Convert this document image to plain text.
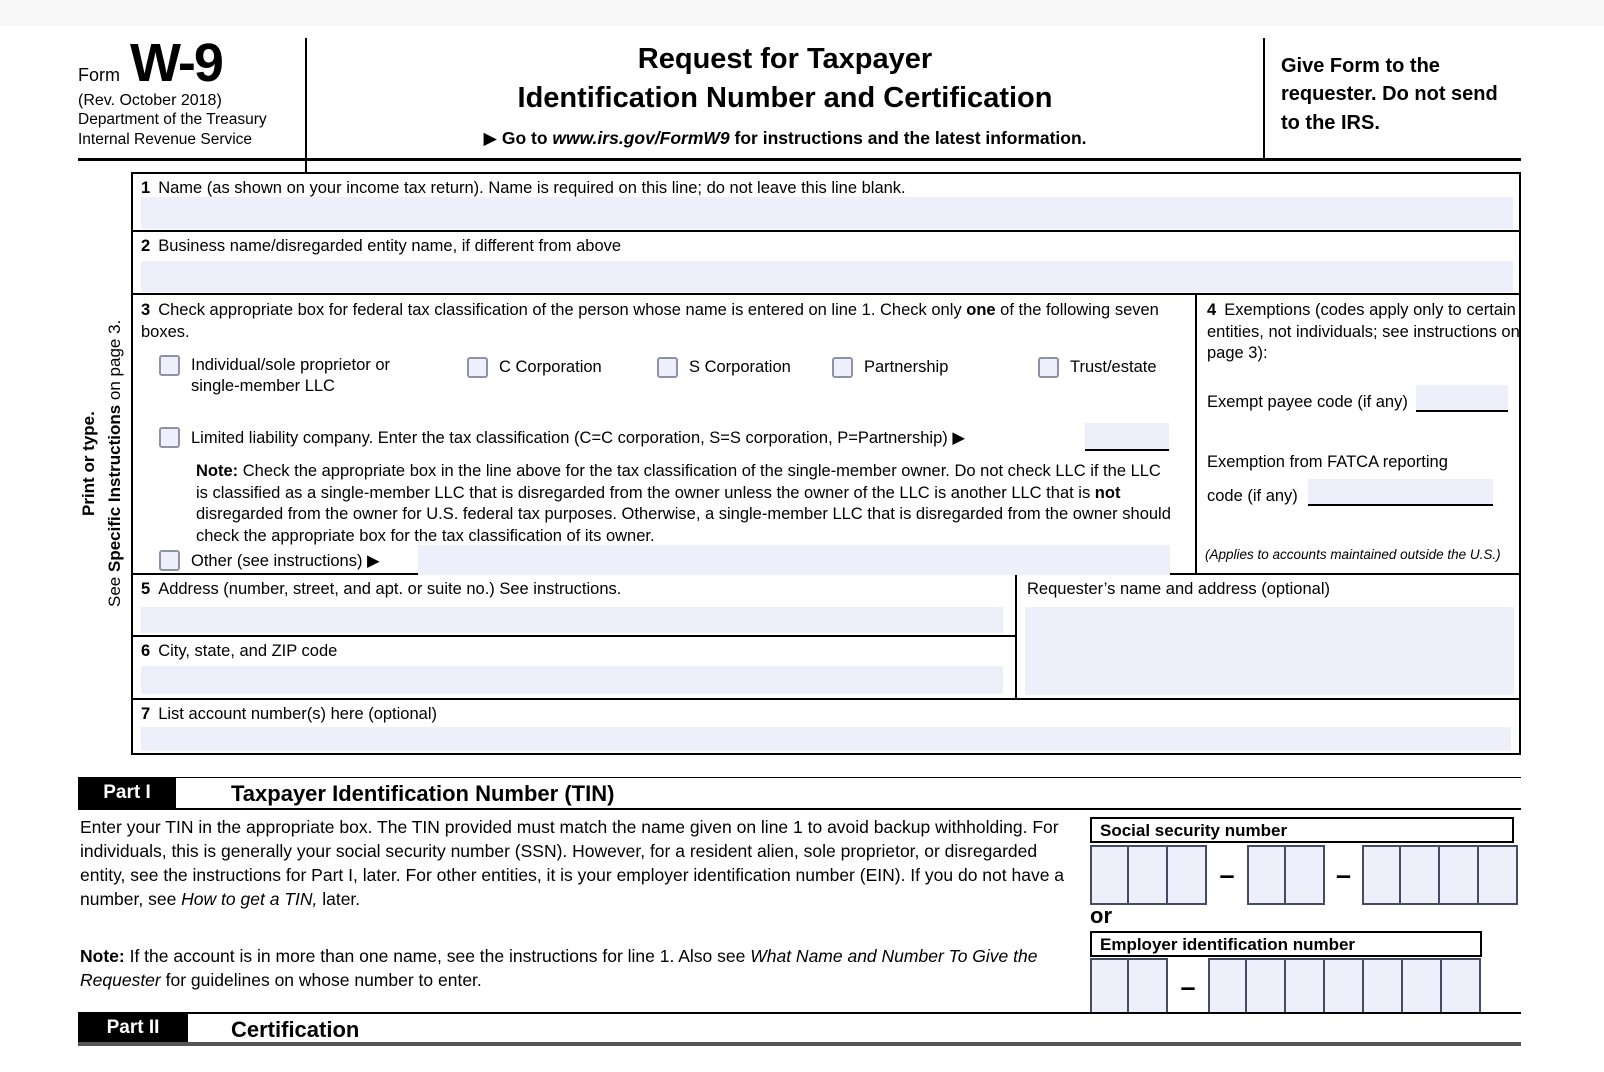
Form W-9
(Rev. October 2018)
Department of the Treasury
Internal Revenue Service
Request for Taxpayer
Identification Number and Certification
▶ Go to www.irs.gov/FormW9 for instructions and the latest information.
Give Form to the requester. Do not send to the IRS.
Print or type. See Specific Instructions on page 3.
1 Name (as shown on your income tax return). Name is required on this line; do not leave this line blank.
2 Business name/disregarded entity name, if different from above
3 Check appropriate box for federal tax classification of the person whose name is entered on line 1. Check only one of the following seven boxes.
Individual/sole proprietor or single-member LLC
C Corporation	S Corporation	Partnership	Trust/estate
Limited liability company. Enter the tax classification (C=C corporation, S=S corporation, P=Partnership) ▶
Note: Check the appropriate box in the line above for the tax classification of the single-member owner. Do not check LLC if the LLC is classified as a single-member LLC that is disregarded from the owner unless the owner of the LLC is another LLC that is not disregarded from the owner for U.S. federal tax purposes. Otherwise, a single-member LLC that is disregarded from the owner should check the appropriate box for the tax classification of its owner.
Other (see instructions) ▶
4 Exemptions (codes apply only to certain entities, not individuals; see instructions on page 3):
Exempt payee code (if any)
Exemption from FATCA reporting
code (if any)
(Applies to accounts maintained outside the U.S.)
5 Address (number, street, and apt. or suite no.) See instructions.
6 City, state, and ZIP code
Requester’s name and address (optional)
7 List account number(s) here (optional)
Part I	Taxpayer Identification Number (TIN)
Enter your TIN in the appropriate box. The TIN provided must match the name given on line 1 to avoid backup withholding. For individuals, this is generally your social security number (SSN). However, for a resident alien, sole proprietor, or disregarded entity, see the instructions for Part I, later. For other entities, it is your employer identification number (EIN). If you do not have a number, see How to get a TIN, later.
Note: If the account is in more than one name, see the instructions for line 1. Also see What Name and Number To Give the Requester for guidelines on whose number to enter.
Social security number
–	–
or
Employer identification number
–
Part II	Certification
